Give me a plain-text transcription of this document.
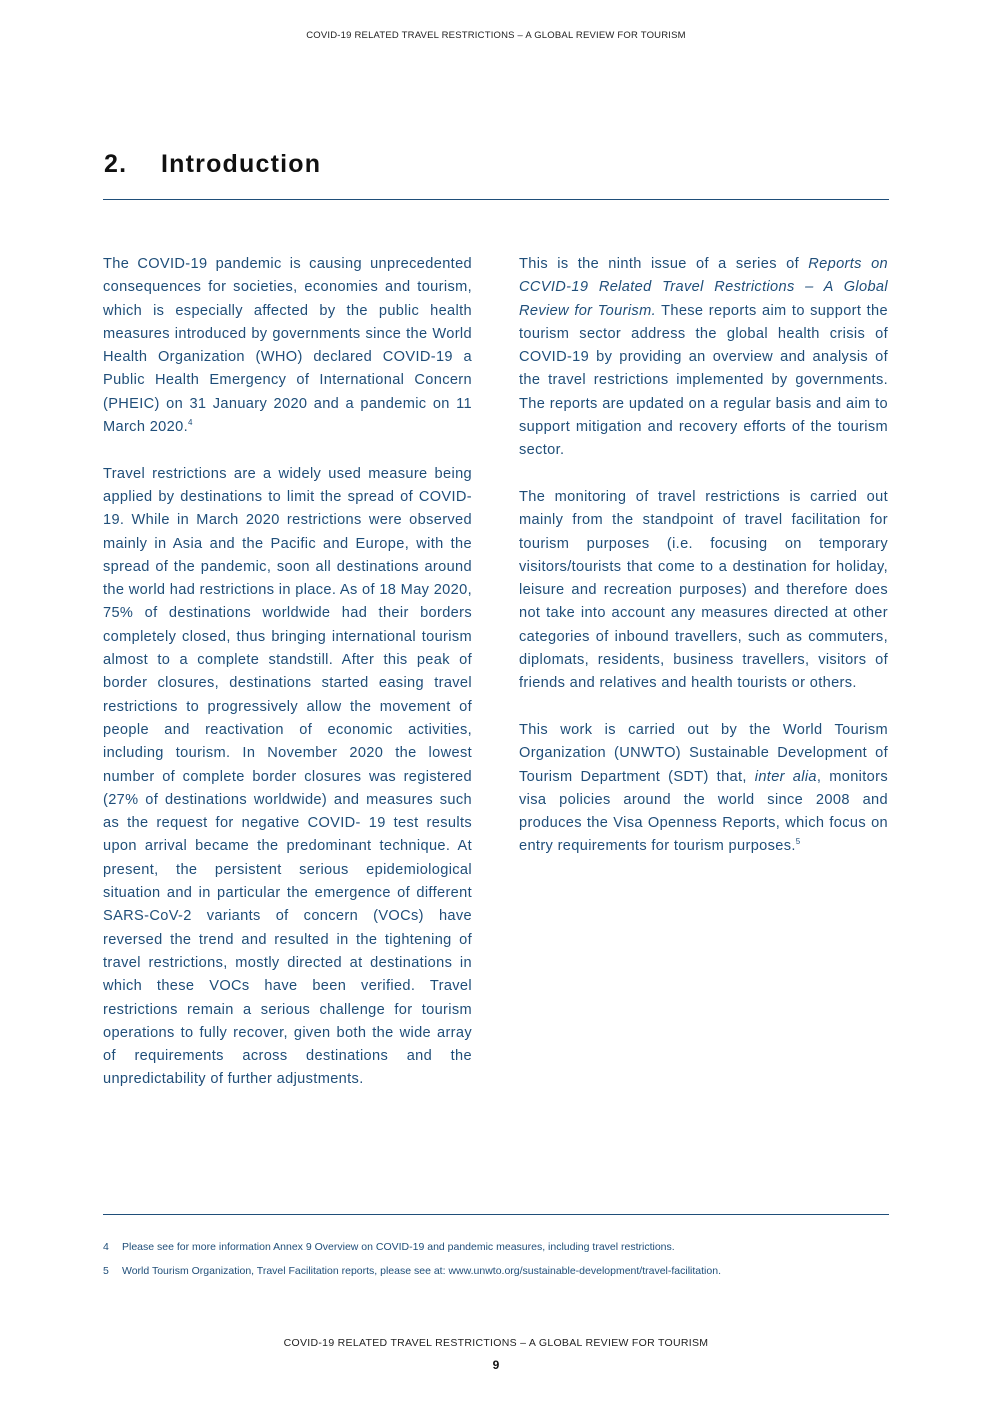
COVID-19 RELATED TRAVEL RESTRICTIONS – A GLOBAL REVIEW FOR TOURISM
2. Introduction

The COVID-19 pandemic is causing unprecedented consequences for societies, economies and tourism, which is especially affected by the public health measures introduced by governments since the World Health Organization (WHO) declared COVID-19 a Public Health Emergency of International Concern (PHEIC) on 31 January 2020 and a pandemic on 11 March 2020.$^4$

Travel restrictions are a widely used measure being applied by destinations to limit the spread of COVID-19. While in March 2020 restrictions were observed mainly in Asia and the Pacific and Europe, with the spread of the pandemic, soon all destinations around the world had restrictions in place. As of 18 May 2020, 75% of destinations worldwide had their borders completely closed, thus bringing international tourism almost to a complete standstill. After this peak of border closures, destinations started easing travel restrictions to progressively allow the movement of people and reactivation of economic activities, including tourism. In November 2020 the lowest number of complete border closures was registered (27% of destinations worldwide) and measures such as the request for negative COVID- 19 test results upon arrival became the predominant technique. At present, the persistent serious epidemiological situation and in particular the emergence of different SARS-CoV-2 variants of concern (VOCs) have reversed the trend and resulted in the tightening of travel restrictions, mostly directed at destinations in which these VOCs have been verified. Travel restrictions remain a serious challenge for tourism operations to fully recover, given both the wide array of requirements across destinations and the unpredictability of further adjustments.

This is the ninth issue of a series of Reports on CCVID-19 Related Travel Restrictions – A Global Review for Tourism. These reports aim to support the tourism sector address the global health crisis of COVID-19 by providing an overview and analysis of the travel restrictions implemented by governments. The reports are updated on a regular basis and aim to support mitigation and recovery efforts of the tourism sector.

The monitoring of travel restrictions is carried out mainly from the standpoint of travel facilitation for tourism purposes (i.e. focusing on temporary visitors/tourists that come to a destination for holiday, leisure and recreation purposes) and therefore does not take into account any measures directed at other categories of inbound travellers, such as commuters, diplomats, residents, business travellers, visitors of friends and relatives and health tourists or others.

This work is carried out by the World Tourism Organization (UNWTO) Sustainable Development of Tourism Department (SDT) that, inter alia, monitors visa policies around the world since 2008 and produces the Visa Openness Reports, which focus on entry requirements for tourism purposes.$^5$

4	Please see for more information Annex 9 Overview on COVID-19 and pandemic measures, including travel restrictions.
5	World Tourism Organization, Travel Facilitation reports, please see at: www.unwto.org/sustainable-development/travel-facilitation.
COVID-19 RELATED TRAVEL RESTRICTIONS – A GLOBAL REVIEW FOR TOURISM
9
